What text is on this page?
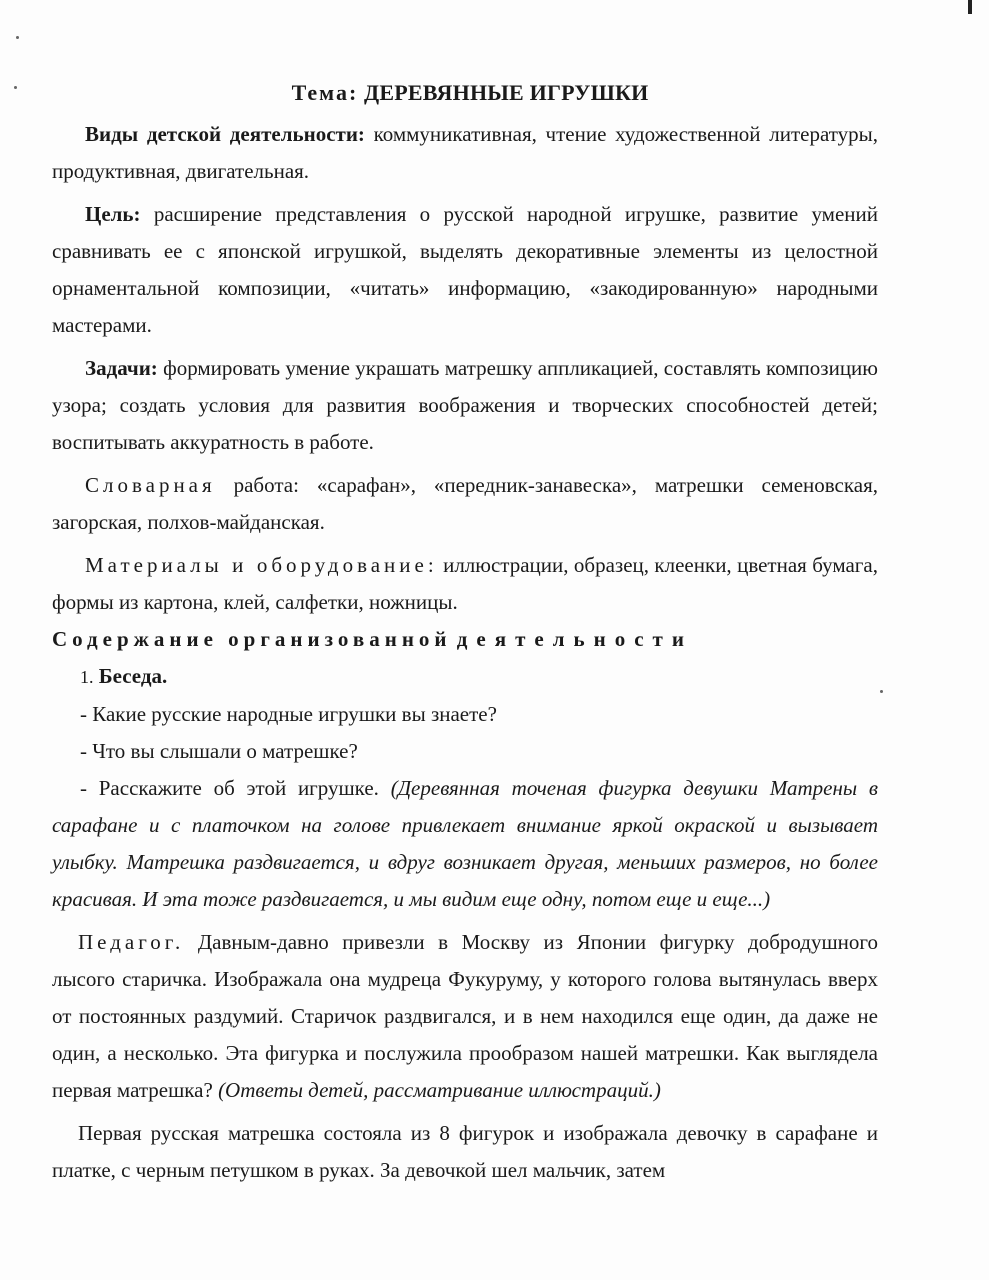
Тема: ДЕРЕВЯННЫЕ ИГРУШКИ

Виды детской деятельности: коммуникативная, чтение художественной литературы, продуктивная, двигательная.

Цель: расширение представления о русской народной игрушке, развитие умений сравнивать ее с японской игрушкой, выделять декоративные элементы из целостной орнаментальной композиции, «читать» информацию, «закодированную» народными мастерами.

Задачи: формировать умение украшать матрешку аппликацией, составлять композицию узора; создать условия для развития воображения и творческих способностей детей; воспитывать аккуратность в работе.

Словарная работа: «сарафан», «передник-занавеска», матрешки семеновская, загорская, полхов-майданская.

Материалы и оборудование: иллюстрации, образец, клеенки, цветная бумага, формы из картона, клей, салфетки, ножницы.

Содержание организованной деятельности

1. Беседа.

- Какие русские народные игрушки вы знаете?

- Что вы слышали о матрешке?

- Расскажите об этой игрушке. (Деревянная точеная фигурка девушки Матрены в сарафане и с платочком на голове привлекает внимание яркой окраской и вызывает улыбку. Матрешка раздвигается, и вдруг возникает другая, меньших размеров, но более красивая. И эта тоже раздвигается, и мы видим еще одну, потом еще и еще...)

Педагог. Давным-давно привезли в Москву из Японии фигурку добродушного лысого старичка. Изображала она мудреца Фукуруму, у которого голова вытянулась вверх от постоянных раздумий. Старичок раздвигался, и в нем находился еще один, да даже не один, а несколько. Эта фигурка и послужила прообразом нашей матрешки. Как выглядела первая матрешка? (Ответы детей, рассматривание иллюстраций.)

Первая русская матрешка состояла из 8 фигурок и изображала девочку в сарафане и платке, с черным петушком в руках. За девочкой шел мальчик, затем
